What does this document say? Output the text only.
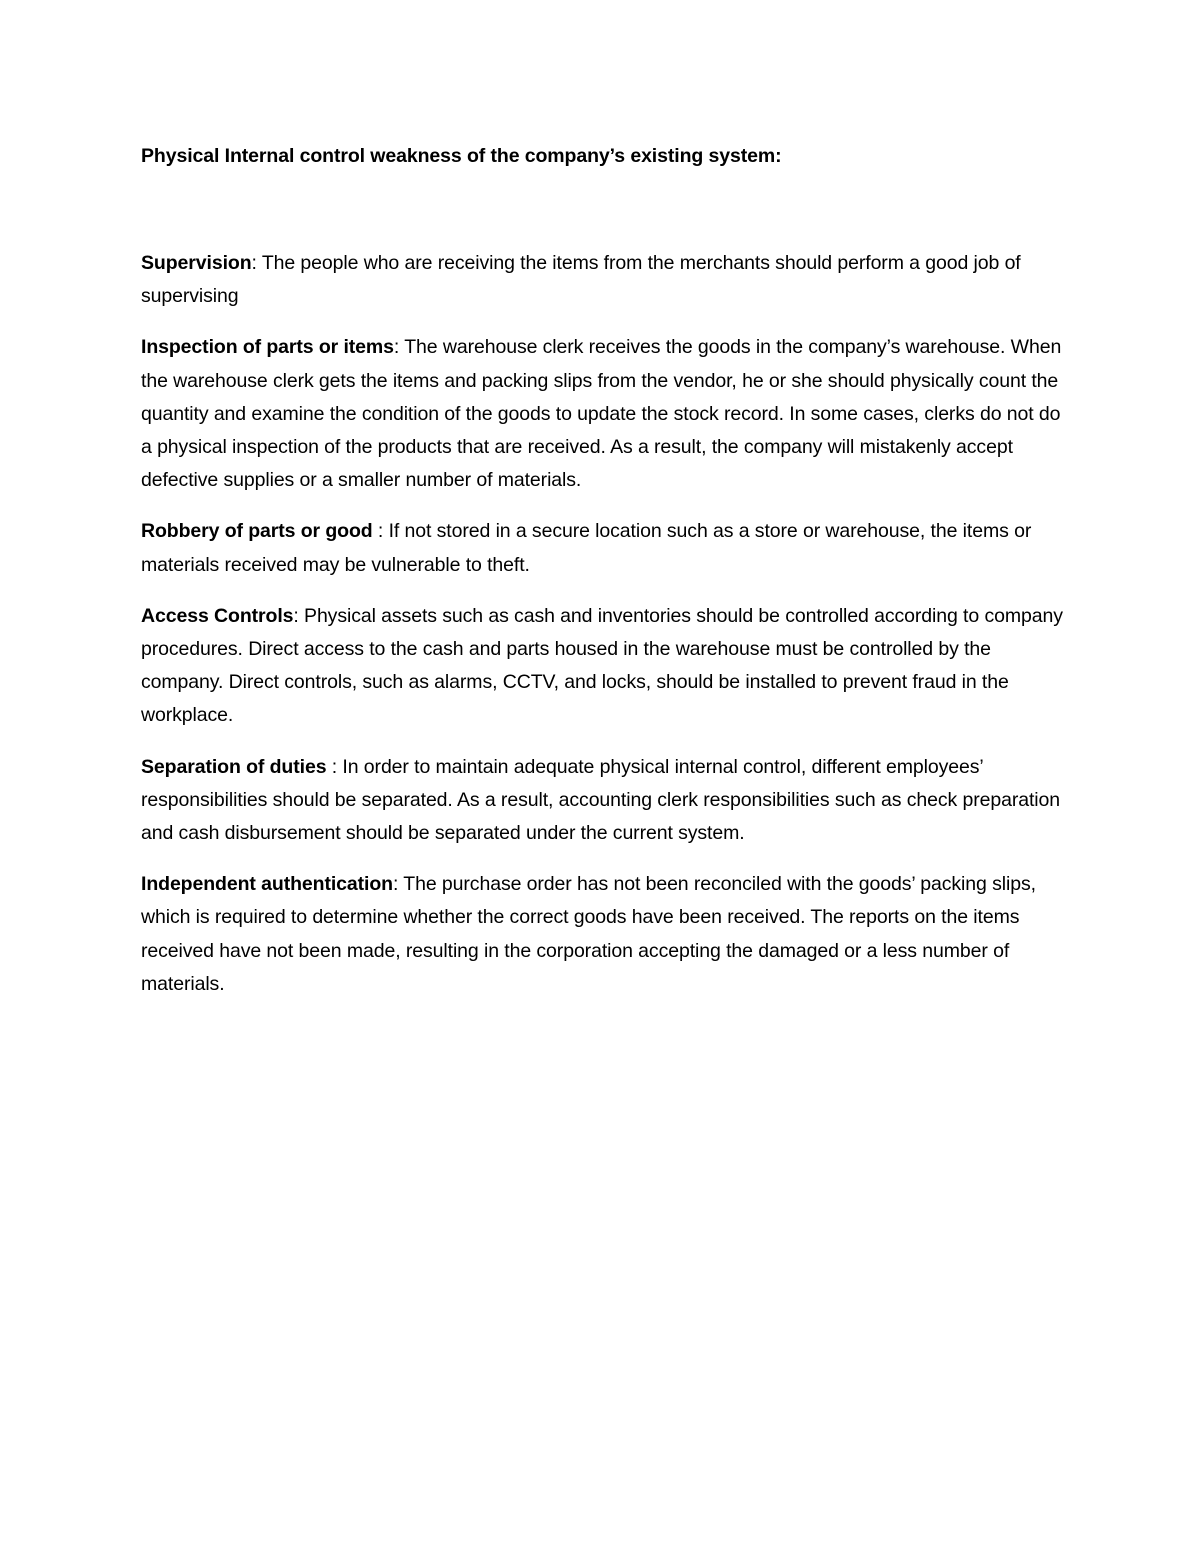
Physical Internal control weakness of the company’s existing system:

Supervision: The people who are receiving the items from the merchants should perform a good job of supervising

Inspection of parts or items: The warehouse clerk receives the goods in the company’s warehouse. When the warehouse clerk gets the items and packing slips from the vendor, he or she should physically count the quantity and examine the condition of the goods to update the stock record. In some cases, clerks do not do a physical inspection of the products that are received. As a result, the company will mistakenly accept defective supplies or a smaller number of materials.

Robbery of parts or good : If not stored in a secure location such as a store or warehouse, the items or materials received may be vulnerable to theft.

Access Controls: Physical assets such as cash and inventories should be controlled according to company procedures. Direct access to the cash and parts housed in the warehouse must be controlled by the company. Direct controls, such as alarms, CCTV, and locks, should be installed to prevent fraud in the workplace.

Separation of duties : In order to maintain adequate physical internal control, different employees’ responsibilities should be separated. As a result, accounting clerk responsibilities such as check preparation and cash disbursement should be separated under the current system.

Independent authentication: The purchase order has not been reconciled with the goods’ packing slips, which is required to determine whether the correct goods have been received. The reports on the items received have not been made, resulting in the corporation accepting the damaged or a less number of materials.
